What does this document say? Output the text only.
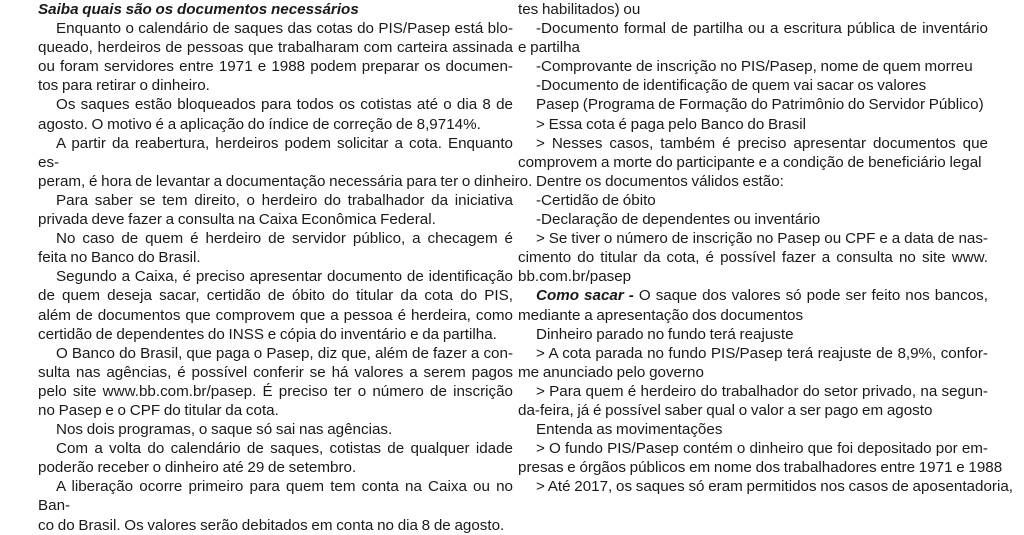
Saiba quais são os documentos necessários

Enquanto o calendário de saques das cotas do PIS/Pasep está blo-

queado, herdeiros de pessoas que trabalharam com carteira assinada

ou foram servidores entre 1971 e 1988 podem preparar os documen-

tos para retirar o dinheiro.

Os saques estão bloqueados para todos os cotistas até o dia 8 de

agosto. O motivo é a aplicação do índice de correção de 8,9714%.

A partir da reabertura, herdeiros podem solicitar a cota. Enquanto es-

peram, é hora de levantar a documentação necessária para ter o dinheiro.

Para saber se tem direito, o herdeiro do trabalhador da iniciativa

privada deve fazer a consulta na Caixa Econômica Federal.

No caso de quem é herdeiro de servidor público, a checagem é

feita no Banco do Brasil.

Segundo a Caixa, é preciso apresentar documento de identificação

de quem deseja sacar, certidão de óbito do titular da cota do PIS,

além de documentos que comprovem que a pessoa é herdeira, como

certidão de dependentes do INSS e cópia do inventário e da partilha.

O Banco do Brasil, que paga o Pasep, diz que, além de fazer a con-

sulta nas agências, é possível conferir se há valores a serem pagos

pelo site www.bb.com.br/pasep. É preciso ter o número de inscrição

no Pasep e o CPF do titular da cota.

Nos dois programas, o saque só sai nas agências.

Com a volta do calendário de saques, cotistas de qualquer idade

poderão receber o dinheiro até 29 de setembro.

A liberação ocorre primeiro para quem tem conta na Caixa ou no Ban-

co do Brasil. Os valores serão debitados em conta no dia 8 de agosto.

tes habilitados) ou

-Documento formal de partilha ou a escritura pública de inventário

e partilha

-Comprovante de inscrição no PIS/Pasep, nome de quem morreu

-Documento de identificação de quem vai sacar os valores

Pasep (Programa de Formação do Patrimônio do Servidor Público)

> Essa cota é paga pelo Banco do Brasil

> Nesses casos, também é preciso apresentar documentos que

comprovem a morte do participante e a condição de beneficiário legal

Dentre os documentos válidos estão:

-Certidão de óbito

-Declaração de dependentes ou inventário

> Se tiver o número de inscrição no Pasep ou CPF e a data de nas-

cimento do titular da cota, é possível fazer a consulta no site www.

bb.com.br/pasep

Como sacar - O saque dos valores só pode ser feito nos bancos,

mediante a apresentação dos documentos

Dinheiro parado no fundo terá reajuste

> A cota parada no fundo PIS/Pasep terá reajuste de 8,9%, confor-

me anunciado pelo governo

> Para quem é herdeiro do trabalhador do setor privado, na segun-

da-feira, já é possível saber qual o valor a ser pago em agosto

Entenda as movimentações

> O fundo PIS/Pasep contém o dinheiro que foi depositado por em-

presas e órgãos públicos em nome dos trabalhadores entre 1971 e 1988

> Até 2017, os saques só eram permitidos nos casos de aposentadoria,
